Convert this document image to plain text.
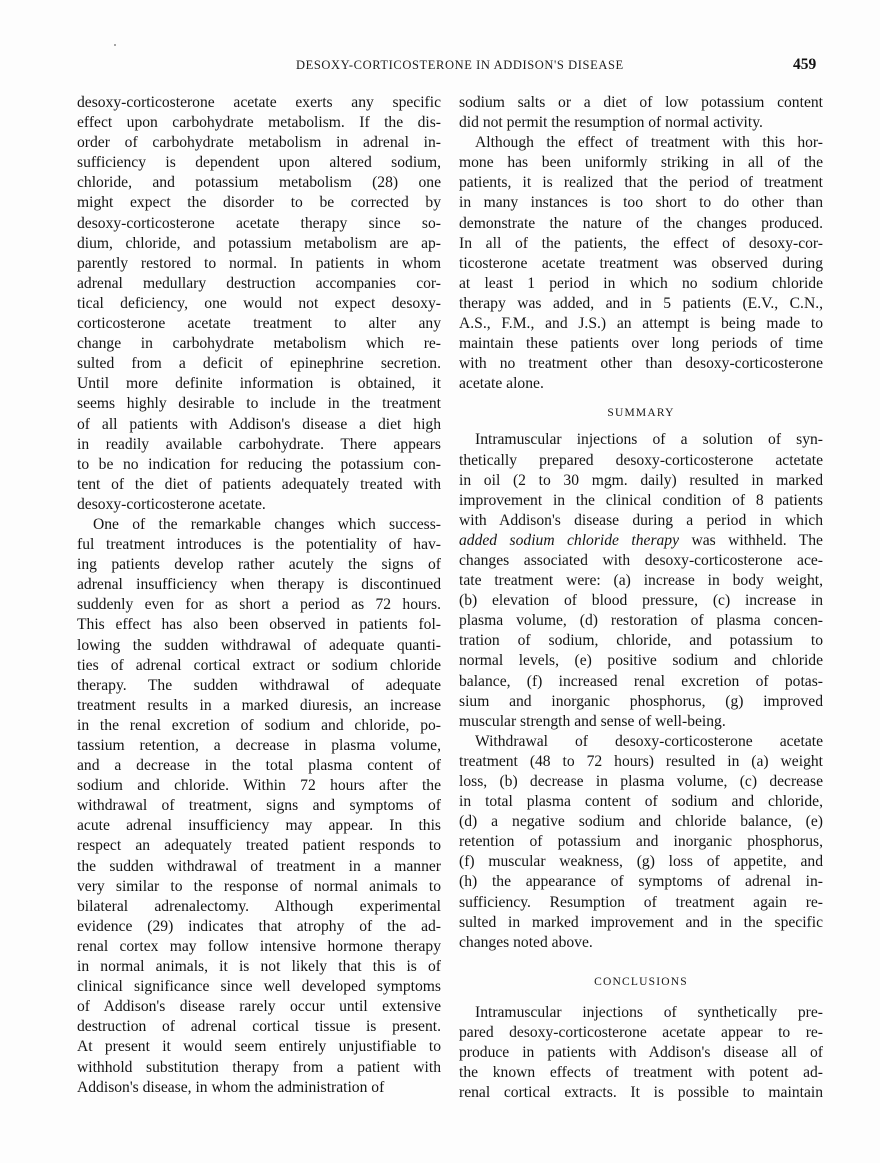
DESOXY-CORTICOSTERONE IN ADDISON'S DISEASE	459
desoxy-corticosterone acetate exerts any specific
effect upon carbohydrate metabolism. If the dis-
order of carbohydrate metabolism in adrenal in-
sufficiency is dependent upon altered sodium,
chloride, and potassium metabolism (28) one
might expect the disorder to be corrected by
desoxy-corticosterone acetate therapy since so-
dium, chloride, and potassium metabolism are ap-
parently restored to normal. In patients in whom
adrenal medullary destruction accompanies cor-
tical deficiency, one would not expect desoxy-
corticosterone acetate treatment to alter any
change in carbohydrate metabolism which re-
sulted from a deficit of epinephrine secretion.
Until more definite information is obtained, it
seems highly desirable to include in the treatment
of all patients with Addison's disease a diet high
in readily available carbohydrate. There appears
to be no indication for reducing the potassium con-
tent of the diet of patients adequately treated with
desoxy-corticosterone acetate.
One of the remarkable changes which success-
ful treatment introduces is the potentiality of hav-
ing patients develop rather acutely the signs of
adrenal insufficiency when therapy is discontinued
suddenly even for as short a period as 72 hours.
This effect has also been observed in patients fol-
lowing the sudden withdrawal of adequate quanti-
ties of adrenal cortical extract or sodium chloride
therapy. The sudden withdrawal of adequate
treatment results in a marked diuresis, an increase
in the renal excretion of sodium and chloride, po-
tassium retention, a decrease in plasma volume,
and a decrease in the total plasma content of
sodium and chloride. Within 72 hours after the
withdrawal of treatment, signs and symptoms of
acute adrenal insufficiency may appear. In this
respect an adequately treated patient responds to
the sudden withdrawal of treatment in a manner
very similar to the response of normal animals to
bilateral adrenalectomy. Although experimental
evidence (29) indicates that atrophy of the ad-
renal cortex may follow intensive hormone therapy
in normal animals, it is not likely that this is of
clinical significance since well developed symptoms
of Addison's disease rarely occur until extensive
destruction of adrenal cortical tissue is present.
At present it would seem entirely unjustifiable to
withhold substitution therapy from a patient with
Addison's disease, in whom the administration of
sodium salts or a diet of low potassium content
did not permit the resumption of normal activity.
Although the effect of treatment with this hor-
mone has been uniformly striking in all of the
patients, it is realized that the period of treatment
in many instances is too short to do other than
demonstrate the nature of the changes produced.
In all of the patients, the effect of desoxy-cor-
ticosterone acetate treatment was observed during
at least 1 period in which no sodium chloride
therapy was added, and in 5 patients (E.V., C.N.,
A.S., F.M., and J.S.) an attempt is being made to
maintain these patients over long periods of time
with no treatment other than desoxy-corticosterone
acetate alone.
SUMMARY
Intramuscular injections of a solution of syn-
thetically prepared desoxy-corticosterone actetate
in oil (2 to 30 mgm. daily) resulted in marked
improvement in the clinical condition of 8 patients
with Addison's disease during a period in which
added sodium chloride therapy was withheld. The
changes associated with desoxy-corticosterone ace-
tate treatment were: (a) increase in body weight,
(b) elevation of blood pressure, (c) increase in
plasma volume, (d) restoration of plasma concen-
tration of sodium, chloride, and potassium to
normal levels, (e) positive sodium and chloride
balance, (f) increased renal excretion of potas-
sium and inorganic phosphorus, (g) improved
muscular strength and sense of well-being.
Withdrawal of desoxy-corticosterone acetate
treatment (48 to 72 hours) resulted in (a) weight
loss, (b) decrease in plasma volume, (c) decrease
in total plasma content of sodium and chloride,
(d) a negative sodium and chloride balance, (e)
retention of potassium and inorganic phosphorus,
(f) muscular weakness, (g) loss of appetite, and
(h) the appearance of symptoms of adrenal in-
sufficiency. Resumption of treatment again re-
sulted in marked improvement and in the specific
changes noted above.
CONCLUSIONS
Intramuscular injections of synthetically pre-
pared desoxy-corticosterone acetate appear to re-
produce in patients with Addison's disease all of
the known effects of treatment with potent ad-
renal cortical extracts. It is possible to maintain
